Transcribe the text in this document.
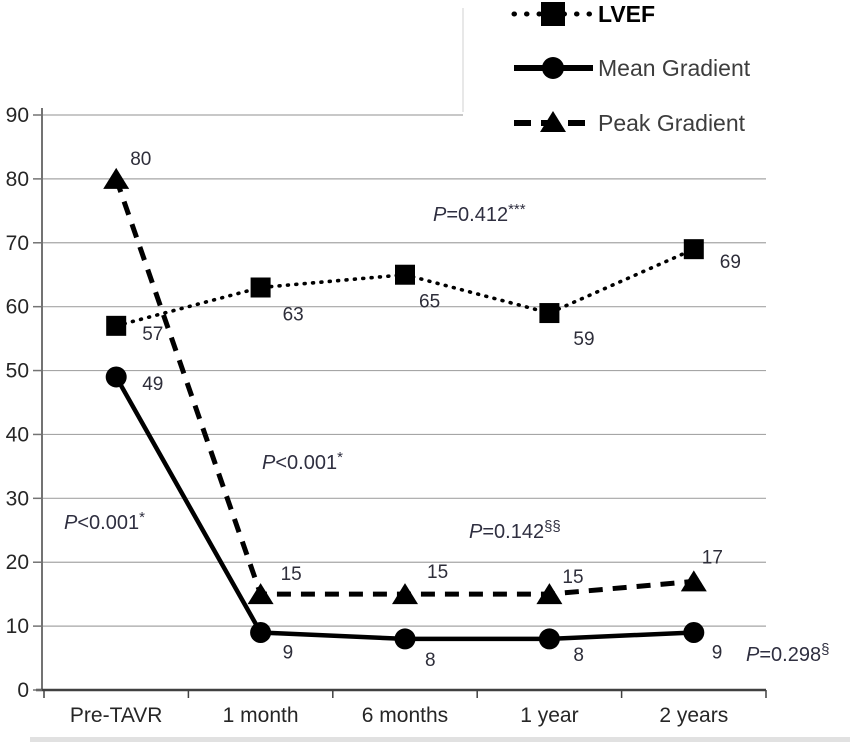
0
10
20
30
40
50
60
70
80
90
Pre-TAVR	1 month	6 months	1 year	2 years
57
63
65
59
69
49
9	8	8	9
80
15	15	15
17
P<0.001*
P<0.001*
P=0.412***
P=0.142§§
P=0.298§
LVEF
Mean Gradient
Peak Gradient
